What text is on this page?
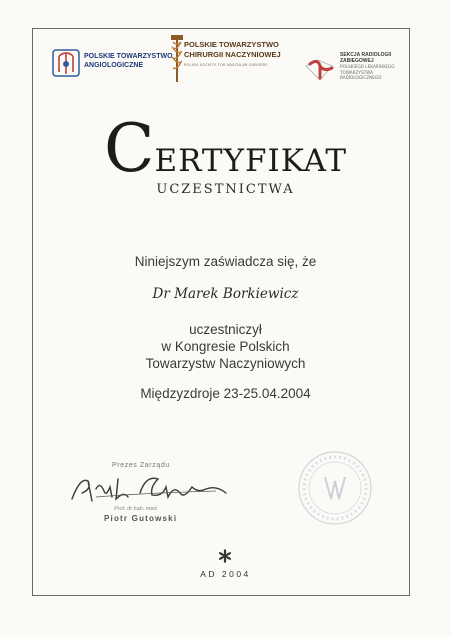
POLSKIE TOWARZYSTWO
ANGIOLOGICZNE
POLSKIE TOWARZYSTWO
CHIRURGII NACZYNIOWEJ
POLISH SOCIETY FOR VASCULAR SURGERY
SEKCJA RADIOLOGII
ZABIEGOWEJ
POLSKIEGO LEKARSKIEGO
TOWARZYSTWA
RADIOLOGICZNEGO
CERTYFIKAT
UCZESTNICTWA
Niniejszym zaświadcza się, że
Dr Marek Borkiewicz
uczestniczył
w Kongresie Polskich
Towarzystw Naczyniowych
Międzyzdroje 23-25.04.2004
Prezes Zarządu
Prof. dr hab. med.
Piotr Gutowski
AD 2004
